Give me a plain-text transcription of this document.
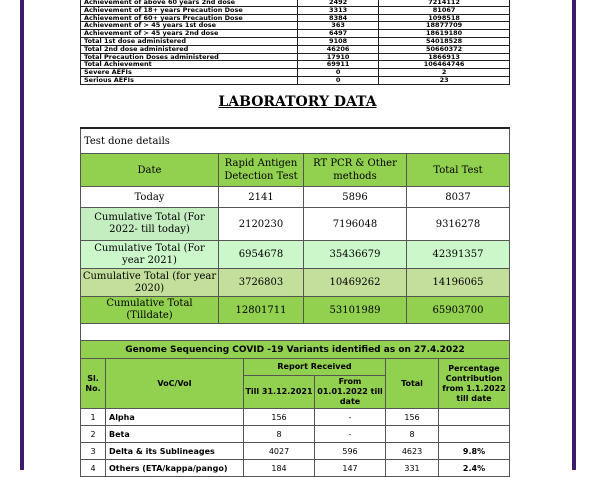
Achievement of above 60 years 2nd dose	2492	7214112
Achievement of 18+ years Precaution Dose	3313	81067
Achievement of 60+ years Precaution Dose	8384	1098518
Achievement of > 45 years 1st dose	363	18877709
Achievement of > 45 years 2nd dose	6497	18619180
Total 1st dose administered	9108	54018528
Total 2nd dose administered	46206	50660372
Total Precaution Doses administered	17910	1866913
Total Achievement	69911	106464746
Severe AEFIs	0	2
Serious AEFIs	0	23
LABORATORY DATA
Test done details			
Date	Rapid Antigen Detection Test	RT PCR & Other methods	Total Test
Today	2141	5896	8037
Cumulative Total (For 2022- till today)	2120230	7196048	9316278
Cumulative Total (For year 2021)	6954678	35436679	42391357
Cumulative Total (for year 2020)	3726803	10469262	14196065
Cumulative Total (Tilldate)	12801711	53101989	65903700

Genome Sequencing COVID -19 Variants identified as on 27.4.2022					
Sl. No.	VoC/VoI	Report Received		Total	Percentage Contribution from 1.1.2022 till date
		Till 31.12.2021	From 01.01.2022 till date		
1	Alpha	156	-	156	
2	Beta	8	-	8	
3	Delta & its Sublineages	4027	596	4623	9.8%
4	Others (ETA/kappa/pango)	184	147	331	2.4%
